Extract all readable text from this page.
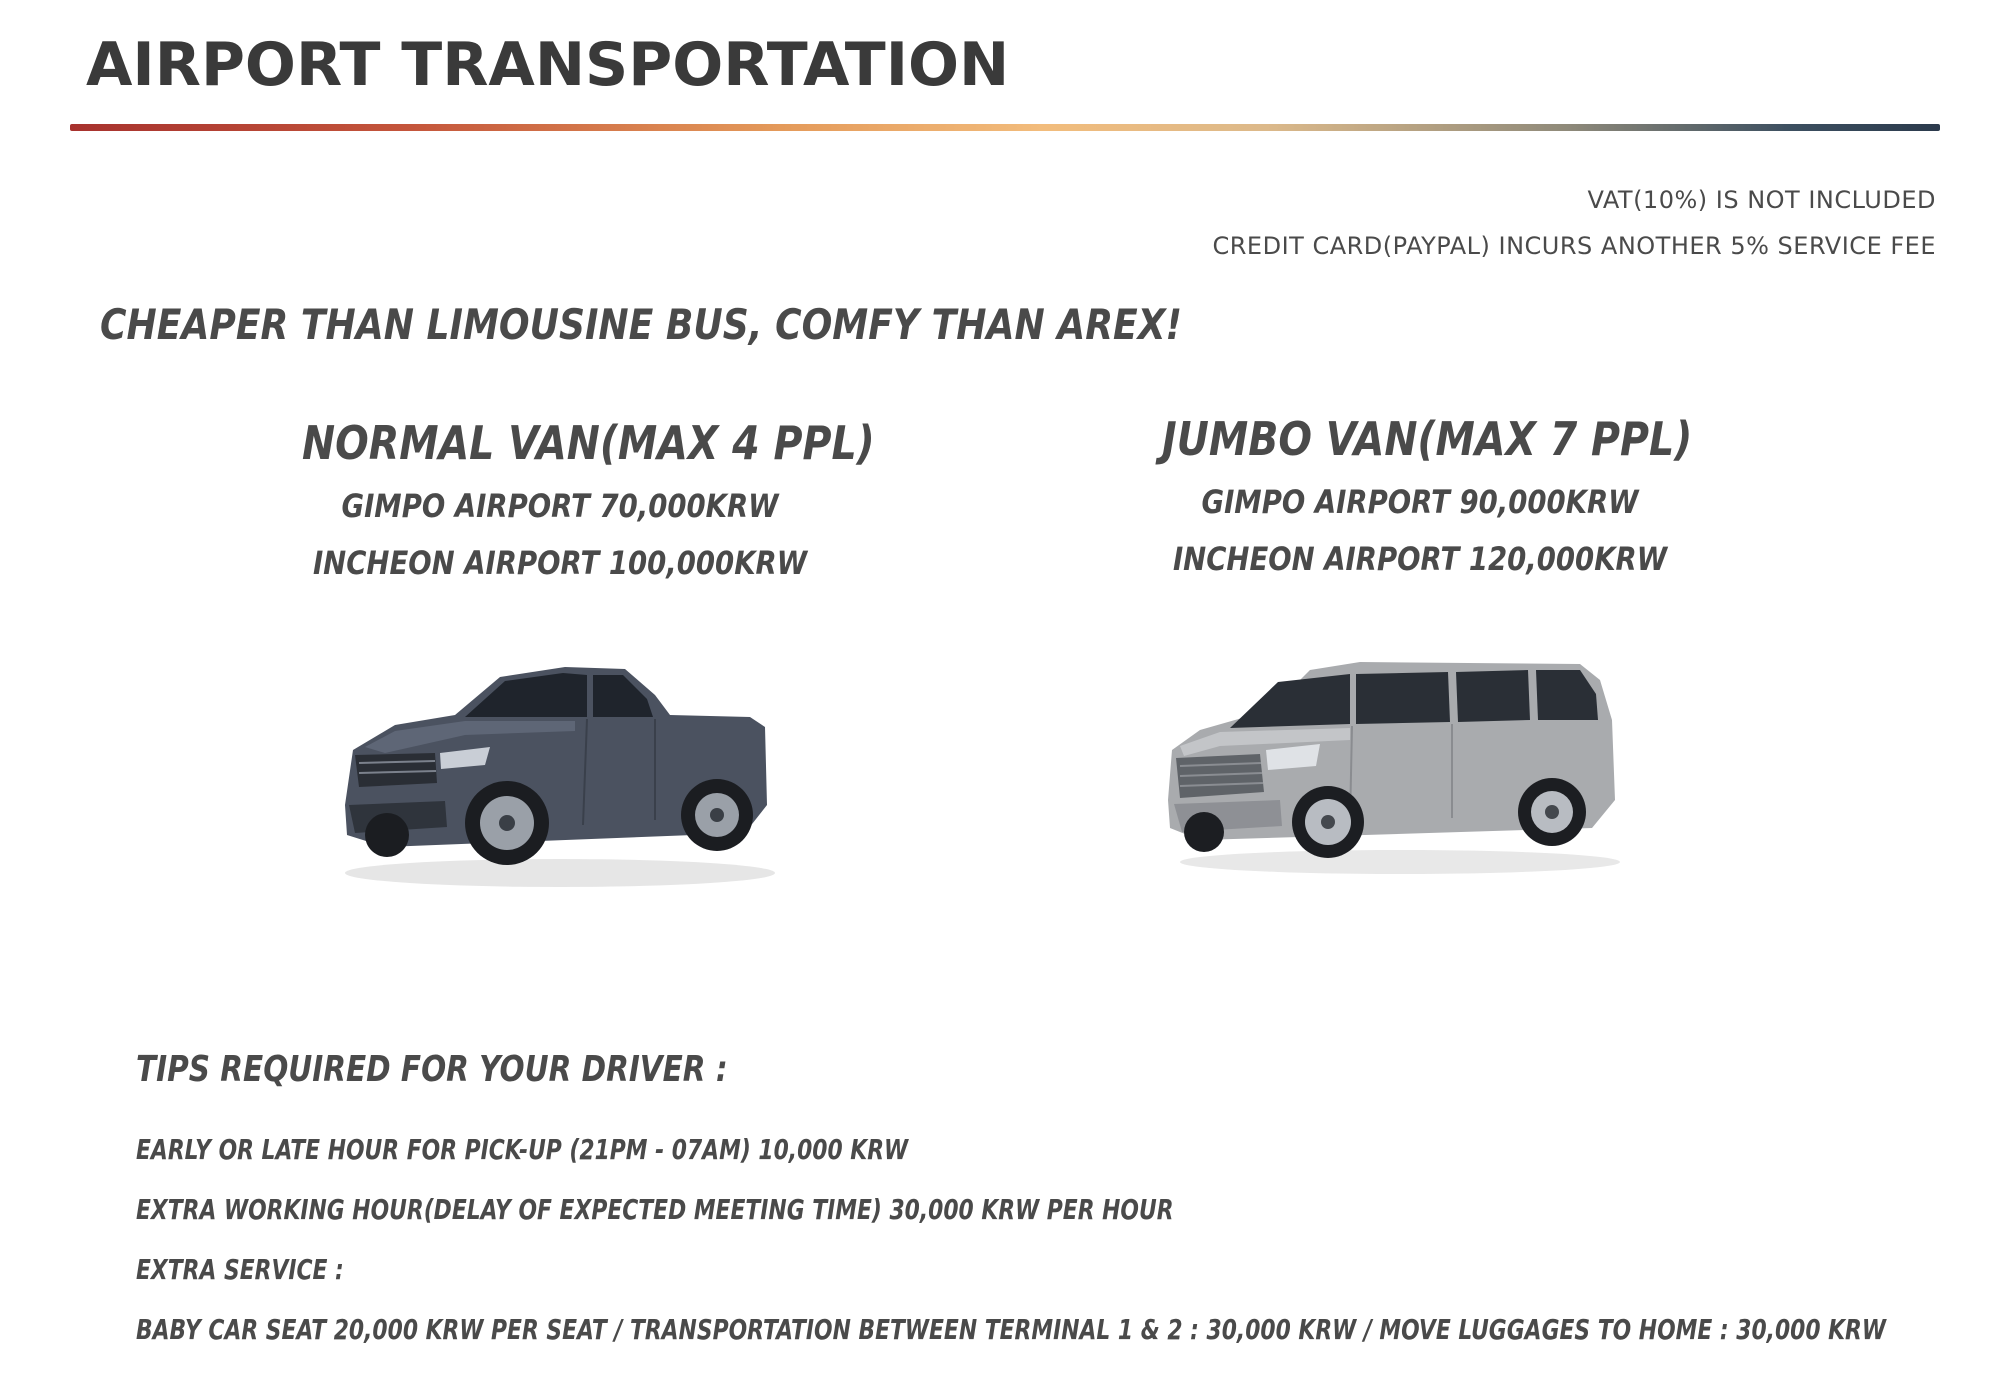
AIRPORT TRANSPORTATION
VAT(10%) IS NOT INCLUDED
CREDIT CARD(PAYPAL) INCURS ANOTHER 5% SERVICE FEE
CHEAPER THAN LIMOUSINE BUS, COMFY THAN AREX!
NORMAL VAN(MAX 4 PPL)
GIMPO AIRPORT 70,000KRW
INCHEON AIRPORT 100,000KRW
JUMBO VAN(MAX 7 PPL)
GIMPO AIRPORT 90,000KRW
INCHEON AIRPORT 120,000KRW
TIPS REQUIRED FOR YOUR DRIVER :
EARLY OR LATE HOUR FOR PICK-UP (21PM - 07AM) 10,000 KRW
EXTRA WORKING HOUR(DELAY OF EXPECTED MEETING TIME) 30,000 KRW PER HOUR
EXTRA SERVICE :
BABY CAR SEAT 20,000 KRW PER SEAT / TRANSPORTATION BETWEEN TERMINAL 1 & 2 : 30,000 KRW / MOVE LUGGAGES TO HOME : 30,000 KRW
